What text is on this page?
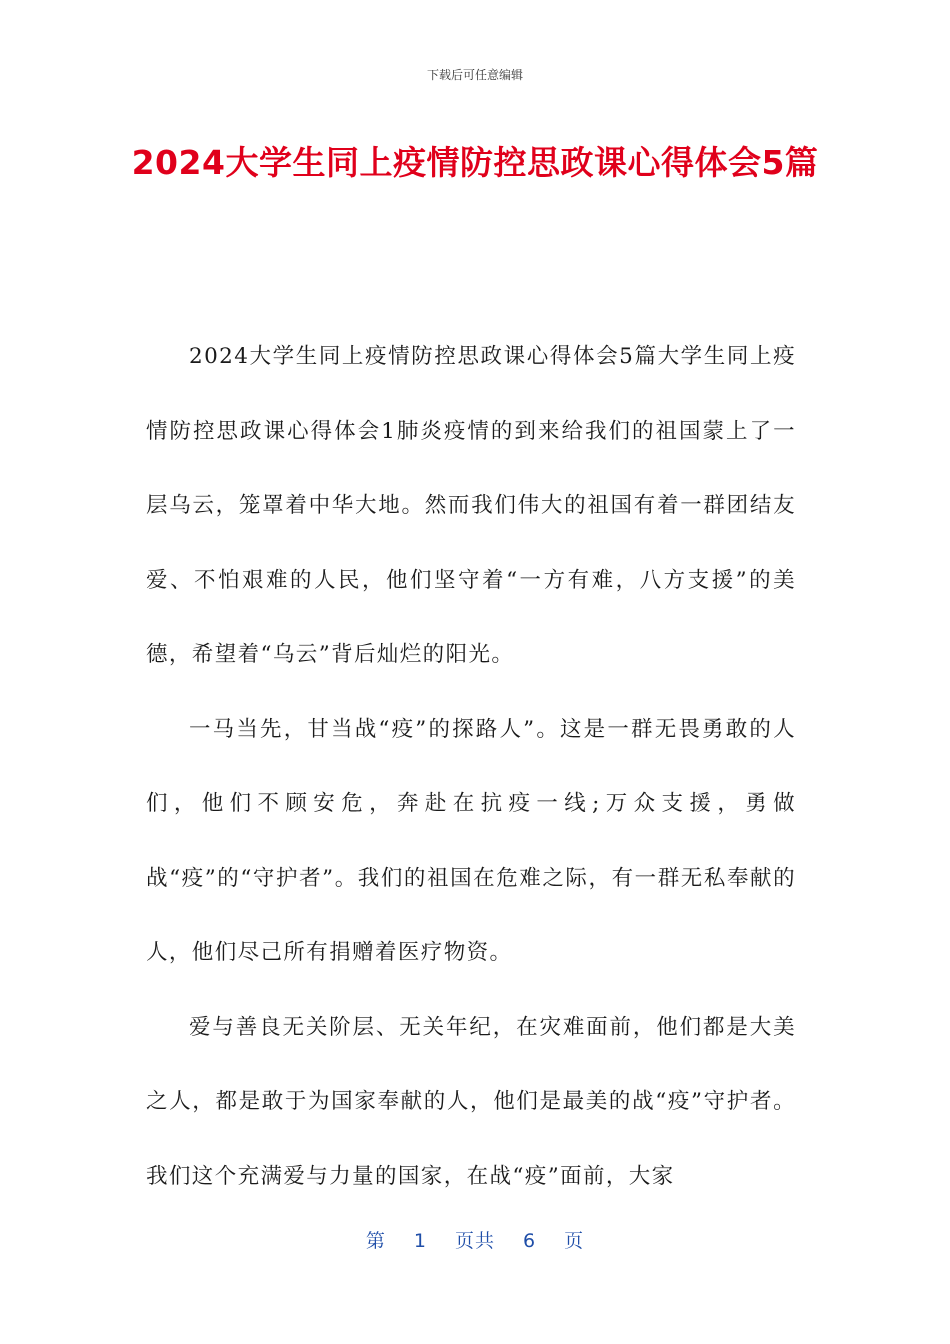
下载后可任意编辑
2024大学生同上疫情防控思政课心得体会5篇

2024大学生同上疫情防控思政课心得体会5篇大学生同上疫情防控思政课心得体会1肺炎疫情的到来给我们的祖国蒙上了一层乌云，笼罩着中华大地。然而我们伟大的祖国有着一群团结友爱、不怕艰难的人民，他们坚守着“一方有难，八方支援”的美德，希望着“乌云”背后灿烂的阳光。

一马当先，甘当战“疫”的探路人”。这是一群无畏勇敢的人们，他们不顾安危，奔赴在抗疫一线;万众支援，勇做战“疫”的“守护者”。我们的祖国在危难之际，有一群无私奉献的人，他们尽己所有捐赠着医疗物资。

爱与善良无关阶层、无关年纪，在灾难面前，他们都是大美之人，都是敢于为国家奉献的人，他们是最美的战“疫”守护者。我们这个充满爱与力量的国家，在战“疫”面前，大家

第 1 页共 6 页
